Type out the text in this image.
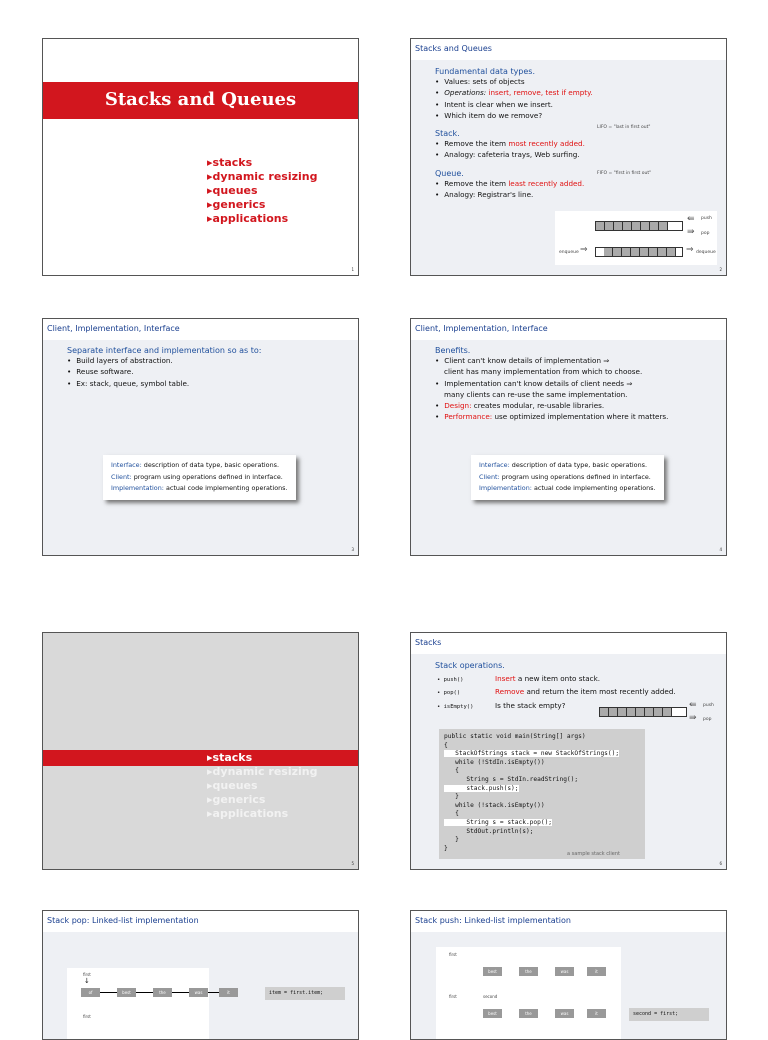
Stacks and Queues
▸ stacks
▸ dynamic resizing
▸ queues
▸ generics
▸ applications
1
Stacks and Queues
Fundamental data types.
• Values: sets of objects
• Operations: insert, remove, test if empty.
• Intent is clear when we insert.
• Which item do we remove?
Stack.
• Remove the item most recently added.
• Analogy: cafeteria trays, Web surfing.
Queue.
• Remove the item least recently added.
• Analogy: Registrar's line.
LIFO = "last in first out"
FIFO = "first in first out"
push
pop
⇚
⇛
enqueue ⇒	⇒ dequeue
2
Client, Implementation, Interface
Separate interface and implementation so as to:
• Build layers of abstraction.
• Reuse software.
• Ex: stack, queue, symbol table.
Interface: description of data type, basic operations.
Client: program using operations defined in interface.
Implementation: actual code implementing operations.
3
Client, Implementation, Interface
Benefits.
• Client can't know details of implementation ⇒
client has many implementation from which to choose.
• Implementation can't know details of client needs ⇒
many clients can re-use the same implementation.
• Design: creates modular, re-usable libraries.
• Performance: use optimized implementation where it matters.
Interface: description of data type, basic operations.
Client: program using operations defined in interface.
Implementation: actual code implementing operations.
4
▸ stacks
▸ dynamic resizing
▸ queues
▸ generics
▸ applications
5
Stacks
Stack operations.
• push()	Insert a new item onto stack.
• pop()	Remove and return the item most recently added.
• isEmpty()	Is the stack empty?	⇚
⇛
push
pop
public static void main(String[] args)
{
StackOfStrings stack = new StackOfStrings();
while (!StdIn.isEmpty())
{
String s = StdIn.readString();
stack.push(s);
}
while (!stack.isEmpty())
{
String s = stack.pop();
StdOut.println(s);
}
}
a sample stack client
6
Stack pop: Linked-list implementation
first
↓
of	best	the	was	it
first
item = first.item;
Stack push: Linked-list implementation
first
best	the	was	it
first	second
best	the	was	it	second = first;
